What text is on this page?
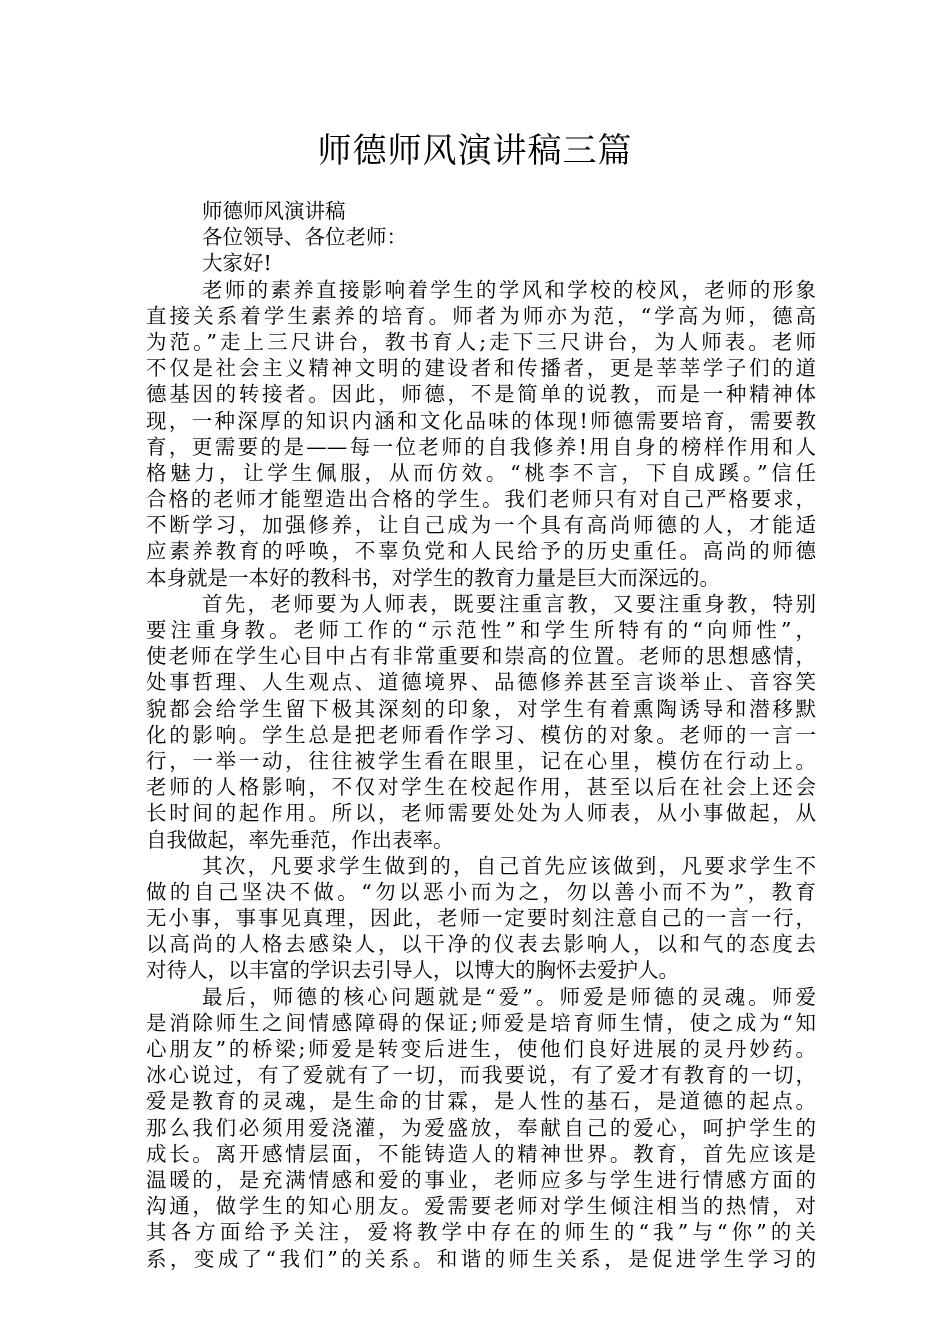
师德师风演讲稿三篇
师德师风演讲稿
各位领导、各位老师：
大家好!
老师的素养直接影响着学生的学风和学校的校风，老师的形象
直接关系着学生素养的培育。师者为师亦为范，“学高为师，德高
为范。”走上三尺讲台，教书育人;走下三尺讲台，为人师表。老师
不仅是社会主义精神文明的建设者和传播者，更是莘莘学子们的道
德基因的转接者。因此，师德，不是简单的说教，而是一种精神体
现，一种深厚的知识内涵和文化品味的体现!师德需要培育，需要教
育，更需要的是——每一位老师的自我修养!用自身的榜样作用和人
格魅力，让学生佩服，从而仿效。“桃李不言，下自成蹊。”信任
合格的老师才能塑造出合格的学生。我们老师只有对自己严格要求，
不断学习，加强修养，让自己成为一个具有高尚师德的人，才能适
应素养教育的呼唤，不辜负党和人民给予的历史重任。高尚的师德
本身就是一本好的教科书，对学生的教育力量是巨大而深远的。
首先，老师要为人师表，既要注重言教，又要注重身教，特别
要注重身教。老师工作的“示范性”和学生所特有的“向师性”，
使老师在学生心目中占有非常重要和崇高的位置。老师的思想感情，
处事哲理、人生观点、道德境界、品德修养甚至言谈举止、音容笑
貌都会给学生留下极其深刻的印象，对学生有着熏陶诱导和潜移默
化的影响。学生总是把老师看作学习、模仿的对象。老师的一言一
行，一举一动，往往被学生看在眼里，记在心里，模仿在行动上。
老师的人格影响，不仅对学生在校起作用，甚至以后在社会上还会
长时间的起作用。所以，老师需要处处为人师表，从小事做起，从
自我做起，率先垂范，作出表率。
其次，凡要求学生做到的，自己首先应该做到，凡要求学生不
做的自己坚决不做。“勿以恶小而为之，勿以善小而不为”，教育
无小事，事事见真理，因此，老师一定要时刻注意自己的一言一行，
以高尚的人格去感染人，以干净的仪表去影响人，以和气的态度去
对待人，以丰富的学识去引导人，以博大的胸怀去爱护人。
最后，师德的核心问题就是“爱”。师爱是师德的灵魂。师爱
是消除师生之间情感障碍的保证;师爱是培育师生情，使之成为“知
心朋友”的桥梁;师爱是转变后进生，使他们良好进展的灵丹妙药。
冰心说过，有了爱就有了一切，而我要说，有了爱才有教育的一切，
爱是教育的灵魂，是生命的甘霖，是人性的基石，是道德的起点。
那么我们必须用爱浇灌，为爱盛放，奉献自己的爱心，呵护学生的
成长。离开感情层面，不能铸造人的精神世界。教育，首先应该是
温暖的，是充满情感和爱的事业，老师应多与学生进行情感方面的
沟通，做学生的知心朋友。爱需要老师对学生倾注相当的热情，对
其各方面给予关注，爱将教学中存在的师生的“我”与“你”的关
系，变成了“我们”的关系。和谐的师生关系，是促进学生学习的
